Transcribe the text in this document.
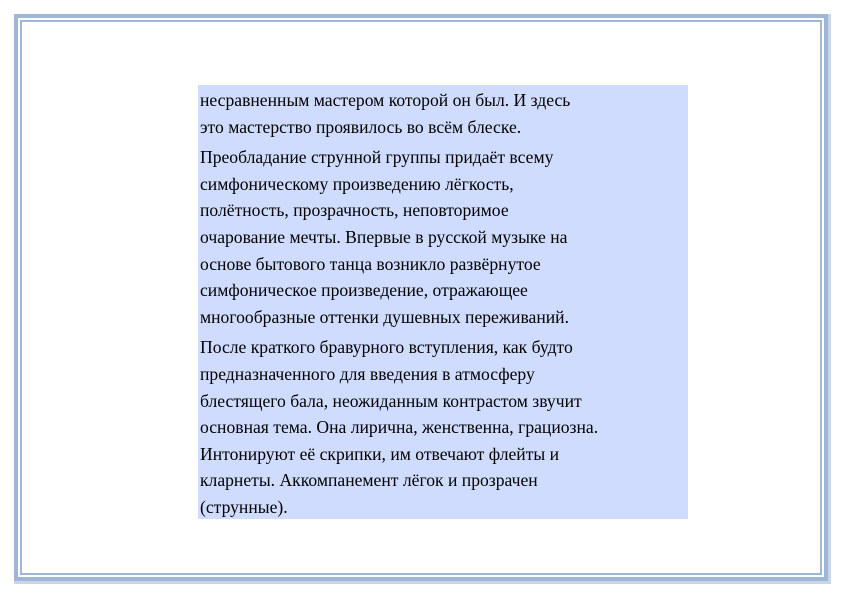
несравненным мастером которой он был. И здесь
это мастерство проявилось во всём блеске.

Преобладание струнной группы придаёт всему
симфоническому произведению лёгкость,
полётность, прозрачность, неповторимое
очарование мечты. Впервые в русской музыке на
основе бытового танца возникло развёрнутое
симфоническое произведение, отражающее
многообразные оттенки душевных переживаний.

После краткого бравурного вступления, как будто
предназначенного для введения в атмосферу
блестящего бала, неожиданным контрастом звучит
основная тема. Она лирична, женственна, грациозна.
Интонируют её скрипки, им отвечают флейты и
кларнеты. Аккомпанемент лёгок и прозрачен
(струнные).
